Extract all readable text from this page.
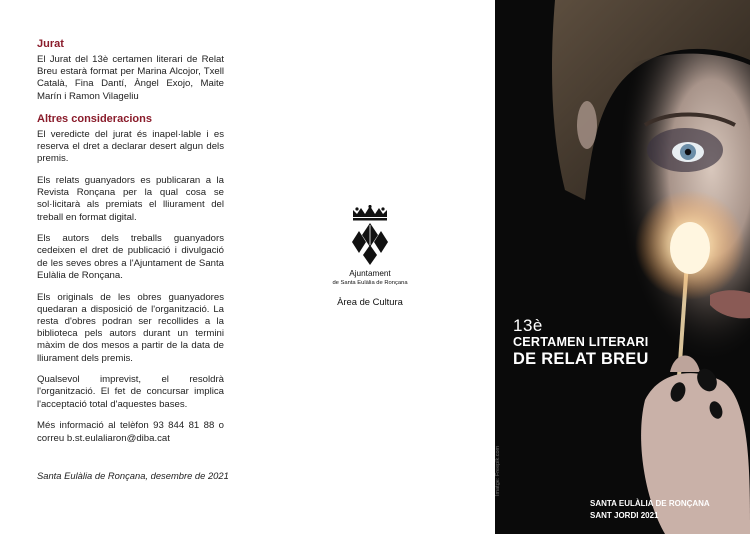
Jurat

El Jurat del 13è certamen literari de Relat Breu estarà format per Marina Alcojor, Txell Català, Fina Dantí, Àngel Exojo, Maite Marín i Ramon Vilageliu

Altres consideracions

El veredicte del jurat és inapel·lable i es reserva el dret a declarar desert algun dels premis.

Els relats guanyadors es publicaran a la Revista Ronçana per la qual cosa se sol·licitarà als premiats el lliurament del treball en format digital.

Els autors dels treballs guanyadors cedeixen el dret de publicació i divulgació de les seves obres a l'Ajuntament de Santa Eulàlia de Ronçana.

Els originals de les obres guanyadores quedaran a disposició de l'organització. La resta d'obres podran ser recollides a la biblioteca pels autors durant un termini màxim de dos mesos a partir de la data de lliurament dels premis.

Qualsevol imprevist, el resoldrà l'organització. El fet de concursar implica l'acceptació total d'aquestes bases.

Més informació al telèfon 93 844 81 88 o correu b.st.eulaliaron@diba.cat

Santa Eulàlia de Ronçana, desembre de 2021
Ajuntament
de Santa Eulàlia de Ronçana
Àrea de Cultura
13è
CERTAMEN LITERARI
DE RELAT BREU
SANTA EULÀLIA DE RONÇANA
SANT JORDI 2021
Imatge: Freepik.com
